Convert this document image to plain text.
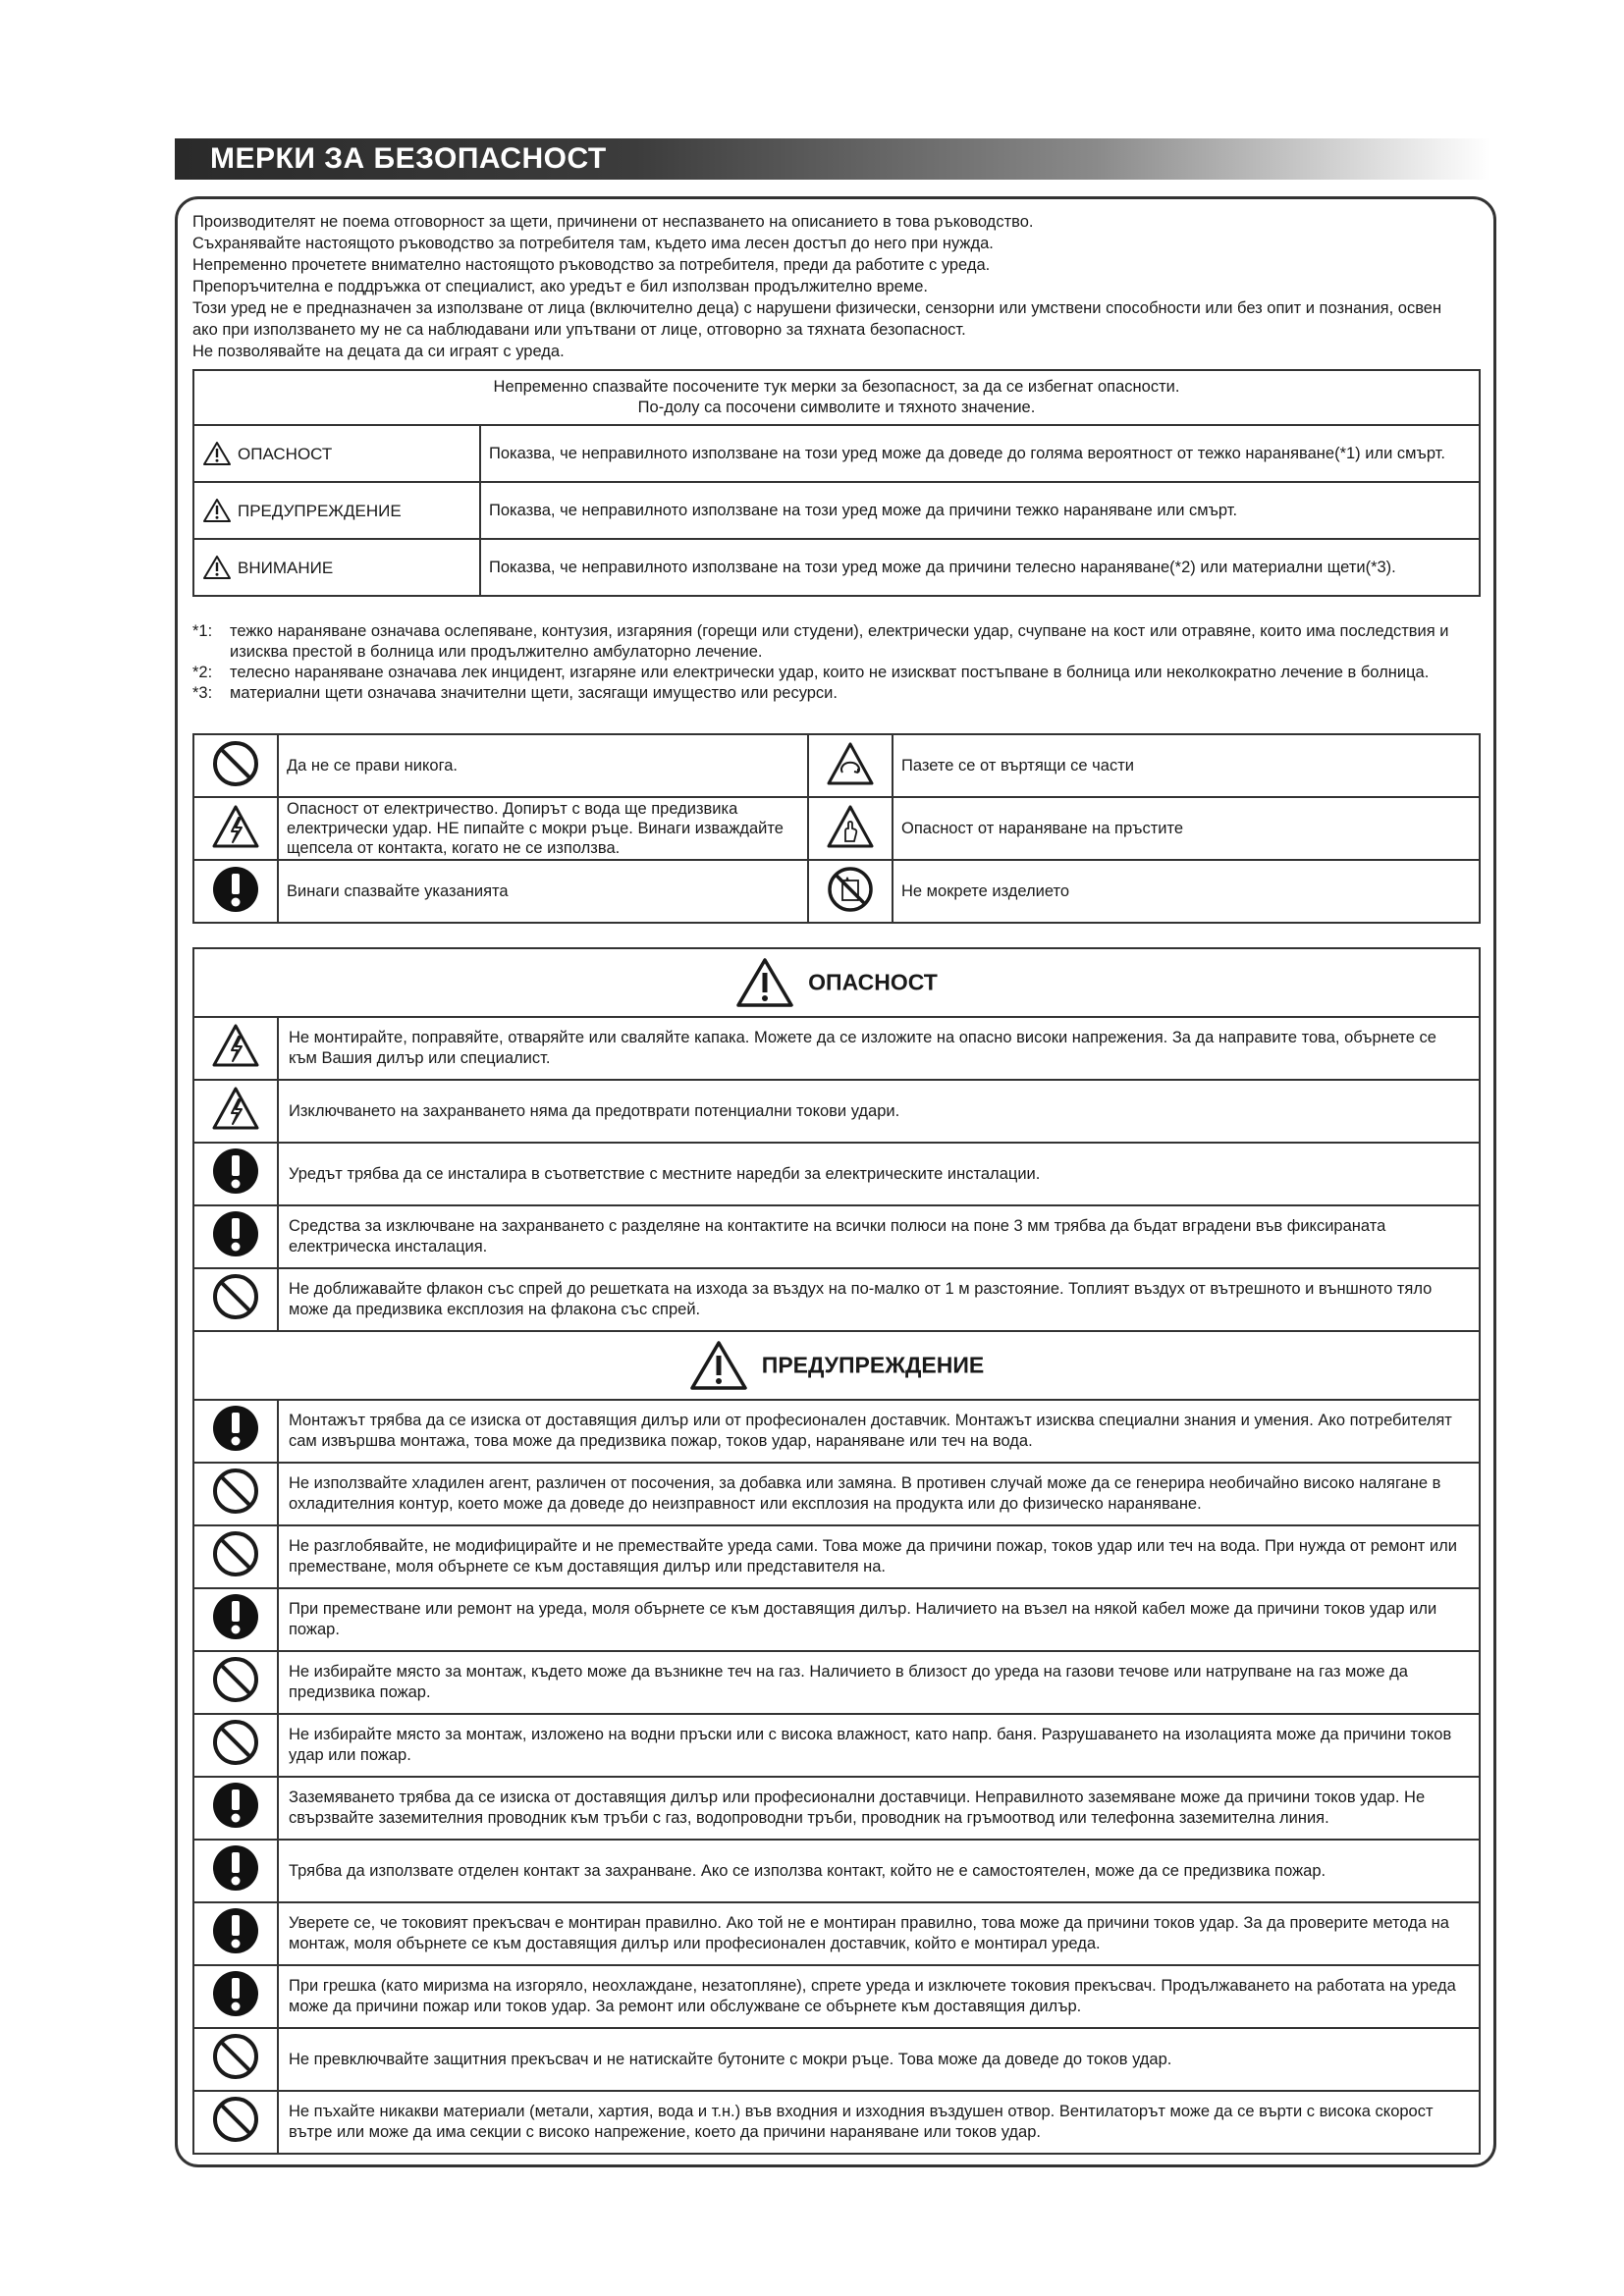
МЕРКИ ЗА БЕЗОПАСНОСТ

Производителят не поема отговорност за щети, причинени от неспазването на описанието в това ръководство.

Съхранявайте настоящото ръководство за потребителя там, където има лесен достъп до него при нужда.

Непременно прочетете внимателно настоящото ръководство за потребителя, преди да работите с уреда.

Препоръчителна е поддръжка от специалист, ако уредът е бил използван продължително време.

Този уред не е предназначен за използване от лица (включително деца) с нарушени физически, сензорни или умствени способности или без опит и познания, освен ако при използването му не са наблюдавани или упътвани от лице, отговорно за тяхната безопасност.

Не позволявайте на децата да си играят с уреда.

Непременно спазвайте посочените тук мерки за безопасност, за да се избегнат опасности.
По-долу са посочени символите и тяхното значение.	

ОПАСНОСТ	Показва, че неправилното използване на този уред може да доведе до голяма вероятност от тежко нараняване(*1) или смърт.
ПРЕДУПРЕЖДЕНИЕ	Показва, че неправилното използване на този уред може да причини тежко нараняване или смърт.
ВНИМАНИЕ	Показва, че неправилното използване на този уред може да причини телесно нараняване(*2) или материални щети(*3).
*1:	тежко нараняване означава ослепяване, контузия, изгаряния (горещи или студени), електрически удар, счупване на кост или отравяне, които има последствия и изисква престой в болница или продължително амбулаторно лечение.
*2:	телесно нараняване означава лек инцидент, изгаряне или електрически удар, които не изискват постъпване в болница или неколкократно лечение в болница.
*3:	материални щети означава значителни щети, засягащи имущество или ресурси.
	Да не се прави никога.		Пазете се от въртящи се части
	Опасност от електричество. Допирът с вода ще предизвика електрически удар. НЕ пипайте с мокри ръце. Винаги изваждайте щепсела от контакта, когато не се използва.		Опасност от нараняване на пръстите
	Винаги спазвайте указанията		Не мокрете изделието
ОПАСНОСТ	
	Не монтирайте, поправяйте, отваряйте или сваляйте капака. Можете да се изложите на опасно високи напрежения. За да направите това, обърнете се към Вашия дилър или специалист.
	Изключването на захранването няма да предотврати потенциални токови удари.
	Уредът трябва да се инсталира в съответствие с местните наредби за електрическите инсталации.
	Средства за изключване на захранването с разделяне на контактите на всички полюси на поне 3 мм трябва да бъдат вградени във фиксираната електрическа инсталация.
	Не доближавайте флакон със спрей до решетката на изхода за въздух на по-малко от 1 м разстояние. Топлият въздух от вътрешното и външното тяло може да предизвика експлозия на флакона със спрей.
ПРЕДУПРЕЖДЕНИЕ	
	Монтажът трябва да се изиска от доставящия дилър или от професионален доставчик. Монтажът изисква специални знания и умения. Ако потребителят сам извършва монтажа, това може да предизвика пожар, токов удар, нараняване или теч на вода.
	Не използвайте хладилен агент, различен от посочения, за добавка или замяна. В противен случай може да се генерира необичайно високо налягане в охладителния контур, което може да доведе до неизправност или експлозия на продукта или до физическо нараняване.
	Не разглобявайте, не модифицирайте и не премествайте уреда сами. Това може да причини пожар, токов удар или теч на вода. При нужда от ремонт или преместване, моля обърнете се към доставящия дилър или представителя на.
	При преместване или ремонт на уреда, моля обърнете се към доставящия дилър. Наличието на възел на някой кабел може да причини токов удар или пожар.
	Не избирайте място за монтаж, където може да възникне теч на газ. Наличието в близост до уреда на газови течове или натрупване на газ може да предизвика пожар.
	Не избирайте място за монтаж, изложено на водни пръски или с висока влажност, като напр. баня. Разрушаването на изолацията може да причини токов удар или пожар.
	Заземяването трябва да се изиска от доставящия дилър или професионални доставчици. Неправилното заземяване може да причини токов удар. Не свързвайте заземителния проводник към тръби с газ, водопроводни тръби, проводник на гръмоотвод или телефонна заземителна линия.
	Трябва да използвате отделен контакт за захранване. Ако се използва контакт, който не е самостоятелен, може да се предизвика пожар.
	Уверете се, че токовият прекъсвач е монтиран правилно. Ако той не е монтиран правилно, това може да причини токов удар. За да проверите метода на монтаж, моля обърнете се към доставящия дилър или професионален доставчик, който е монтирал уреда.
	При грешка (като миризма на изгоряло, неохлаждане, незатопляне), спрете уреда и изключете токовия прекъсвач. Продължаването на работата на уреда може да причини пожар или токов удар. За ремонт или обслужване се обърнете към доставящия дилър.
	Не превключвайте защитния прекъсвач и не натискайте бутоните с мокри ръце. Това може да доведе до токов удар.
	Не пъхайте никакви материали (метали, хартия, вода и т.н.) във входния и изходния въздушен отвор. Вентилаторът може да се върти с висока скорост вътре или може да има секции с високо напрежение, което да причини нараняване или токов удар.
